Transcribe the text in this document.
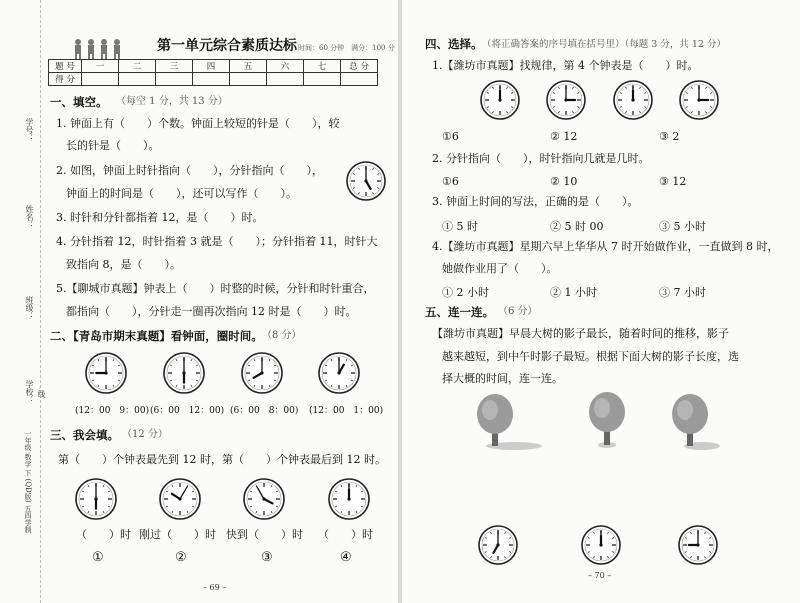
学号：
姓名：
班级：
学校： 线
一年级 数学 下 (QD版) 五四学制
第一单元综合素质达标 时间：60 分钟　满分：100 分
题 号	一	二	三	四	五	六	七	总 分
得 分								
一、填空。 （每空 1 分，共 13 分）
1. 钟面上有（　　）个数。钟面上较短的针是（　　），较
长的针是（　　）。
2. 如图，钟面上时针指向（　　），分针指向（　　），
钟面上的时间是（　　），还可以写作（　　）。
3. 时针和分针都指着 12，是（　　）时。
4. 分针指着 12，时针指着 3 就是（　　）；分针指着 11，时针大
致指向 8，是（　　）。
5.【聊城市真题】钟表上（　　）时整的时候，分针和时针重合，
都指向（　　），分针走一圈再次指向 12 时是（　　）时。
二、【青岛市期末真题】看钟面，圈时间。 （8 分）
(12：00　9：00) (6：00　12：00) (6：00　8：00) (12：00　1：00)
三、我会填。 （12 分）
第（　　）个钟表最先到 12 时，第（　　）个钟表最后到 12 时。
（　　）时 刚过（　　）时 快到（　　）时 （　　）时
①	②	③	④
– 69 –
四、选择。 （将正确答案的序号填在括号里）（每题 3 分，共 12 分）
1.【潍坊市真题】找规律，第 4 个钟表是（　　）时。
①6	② 12	③ 2
2. 分针指向（　　），时针指向几就是几时。
①6	② 10	③ 12
3. 钟面上时间的写法，正确的是（　　）。
① 5 时	② 5 时 00	③ 5 小时
4.【潍坊市真题】星期六早上华华从 7 时开始做作业，一直做到 8 时，
她做作业用了（　　）。
① 2 小时	② 1 小时	③ 7 小时
五、连一连。 （6 分）
【潍坊市真题】早晨大树的影子最长，随着时间的推移，影子
越来越短，到中午时影子最短。根据下面大树的影子长度，选
择大概的时间，连一连。
– 70 –
